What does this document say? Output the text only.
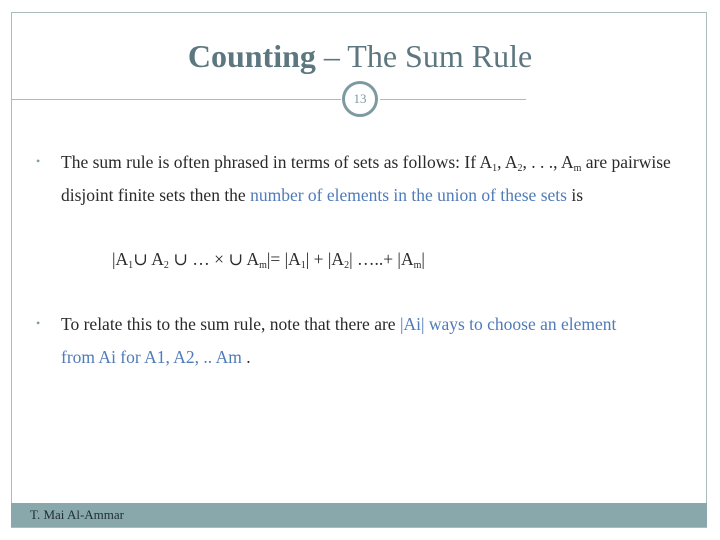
Counting – The Sum Rule
13
• The sum rule is often phrased in terms of sets as follows: If $A_1$, $A_2$, . . ., $A_m$ are pairwise disjoint finite sets then the number of elements in the union of these sets is
$|A_1\cup$ $A_2$ ∪ … × ∪ $A_m|= |A_1| + |A_2|$ …..+ $|A_m|$
• To relate this to the sum rule, note that there are |Ai| ways to choose an element from Ai for A1, A2, .. Am .
T. Mai Al-Ammar
